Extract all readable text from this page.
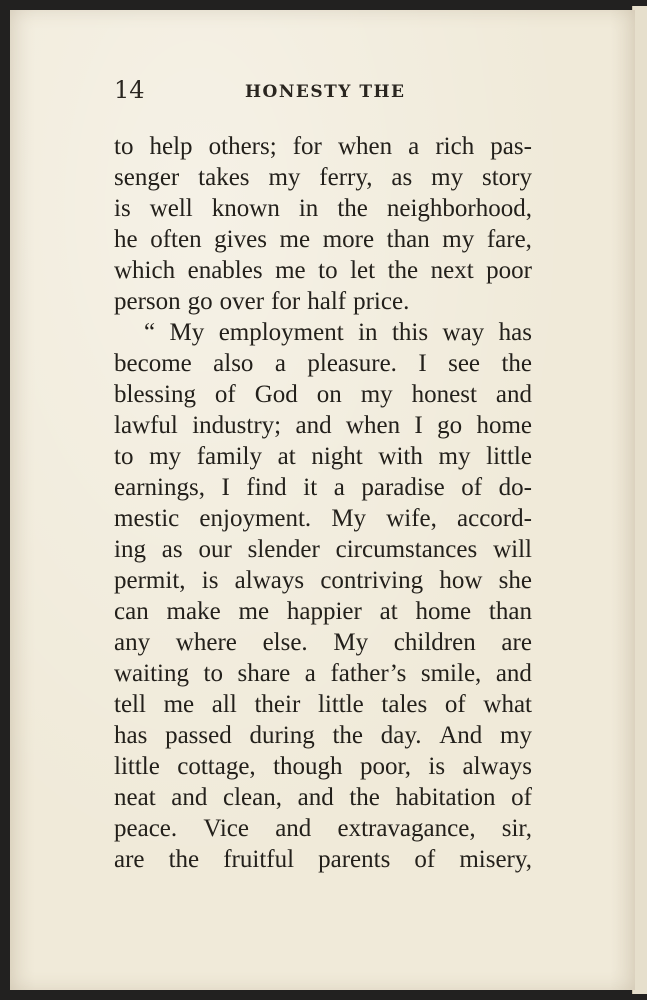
14	HONESTY THE
to help others; for when a rich pas-
senger takes my ferry, as my story
is well known in the neighborhood,
he often gives me more than my fare,
which enables me to let the next poor
person go over for half price.
“ My employment in this way has
become also a pleasure. I see the
blessing of God on my honest and
lawful industry; and when I go home
to my family at night with my little
earnings, I find it a paradise of do-
mestic enjoyment. My wife, accord-
ing as our slender circumstances will
permit, is always contriving how she
can make me happier at home than
any where else. My children are
waiting to share a father’s smile, and
tell me all their little tales of what
has passed during the day. And my
little cottage, though poor, is always
neat and clean, and the habitation of
peace. Vice and extravagance, sir,
are the fruitful parents of misery,
